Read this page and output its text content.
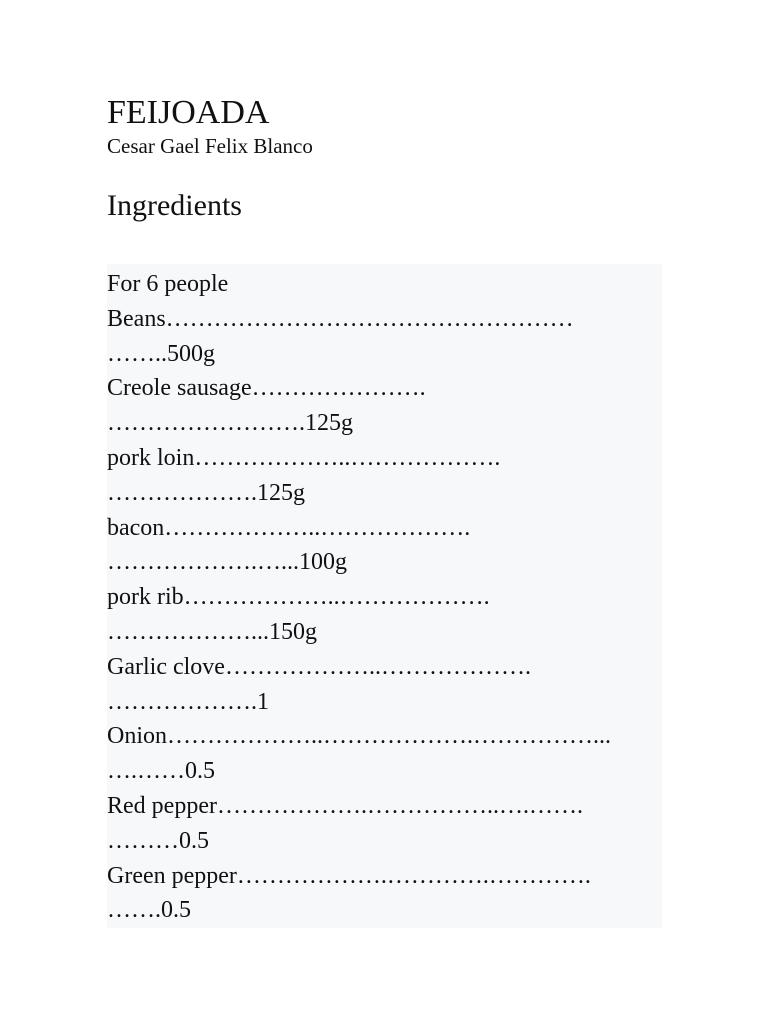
FEIJOADA
Cesar Gael Felix Blanco
Ingredients
For 6 people
Beans……………………………………………
……..500g
Creole sausage………………….
…………………….125g
pork loin………………..……………….
……………….125g
bacon………………..……………….
……………….…...100g
pork rib………………..……………….
………………...150g
Garlic clove………………..……………….
……………….1
Onion………………..……………….……………...
….……0.5
Red pepper……………….……………..….…….
………0.5
Green pepper……………….………….………….
…….0.5
